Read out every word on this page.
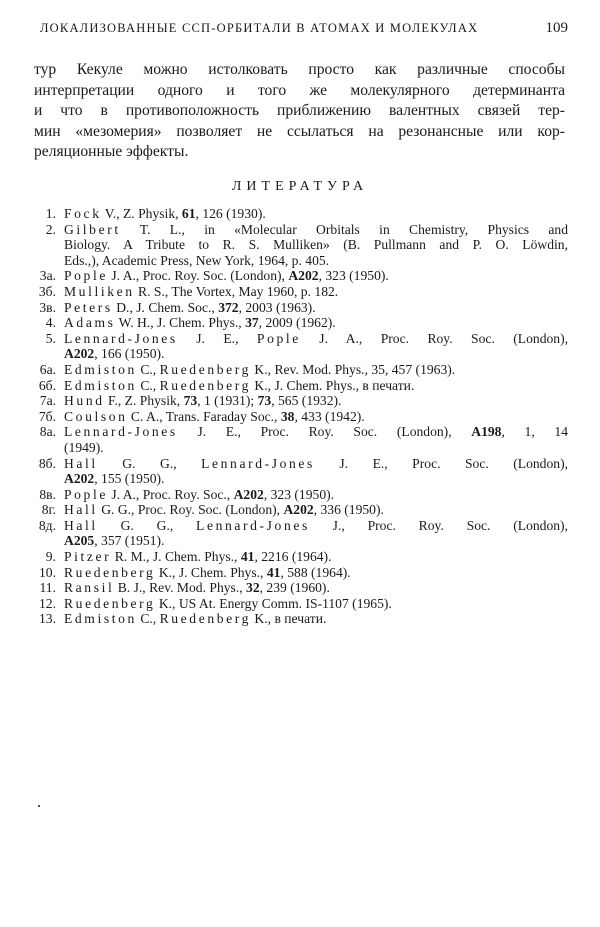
ЛОКАЛИЗОВАННЫЕ ССП-ОРБИТАЛИ В АТОМАХ И МОЛЕКУЛАХ	109
тур Кекуле можно истолковать просто как различные способы
интерпретации одного и того же молекулярного детерминанта
и что в противоположность приближению валентных связей тер-
мин «мезомерия» позволяет не ссылаться на резонансные или кор-
реляционные эффекты.
ЛИТЕРАТУРА
1. Fock V., Z. Physik, 61, 126 (1930).
2. Gilbert T. L., in «Molecular Orbitals in Chemistry, Physics and
Biology. A Tribute to R. S. Mulliken» (B. Pullmann and P. O. Löwdin,
Eds.,), Academic Press, New York, 1964, p. 405.
3а. Pople J. A., Proc. Roy. Soc. (London), A202, 323 (1950).
3б. Mulliken R. S., The Vortex, May 1960, p. 182.
3в. Peters D., J. Chem. Soc., 372, 2003 (1963).
4. Adams W. H., J. Chem. Phys., 37, 2009 (1962).
5. Lennard-Jones J. E., Pople J. A., Proc. Roy. Soc. (London),
A202, 166 (1950).
6а. Edmiston C., Ruedenberg K., Rev. Mod. Phys., 35, 457 (1963).
6б. Edmiston C., Ruedenberg K., J. Chem. Phys., в печати.
7а. Hund F., Z. Physik, 73, 1 (1931); 73, 565 (1932).
7б. Coulson C. A., Trans. Faraday Soc., 38, 433 (1942).
8а. Lennard-Jones J. E., Proc. Roy. Soc. (London), A198, 1, 14
(1949).
8б. Hall G. G., Lennard-Jones J. E., Proc. Soc. (London),
A202, 155 (1950).
8в. Pople J. A., Proc. Roy. Soc., A202, 323 (1950).
8г. Hall G. G., Proc. Roy. Soc. (London), A202, 336 (1950).
8д. Hall G. G., Lennard-Jones J., Proc. Roy. Soc. (London),
A205, 357 (1951).
9. Pitzer R. M., J. Chem. Phys., 41, 2216 (1964).
10. Ruedenberg K., J. Chem. Phys., 41, 588 (1964).
11. Ransil B. J., Rev. Mod. Phys., 32, 239 (1960).
12. Ruedenberg K., US At. Energy Comm. IS-1107 (1965).
13. Edmiston C., Ruedenberg K., в печати.
